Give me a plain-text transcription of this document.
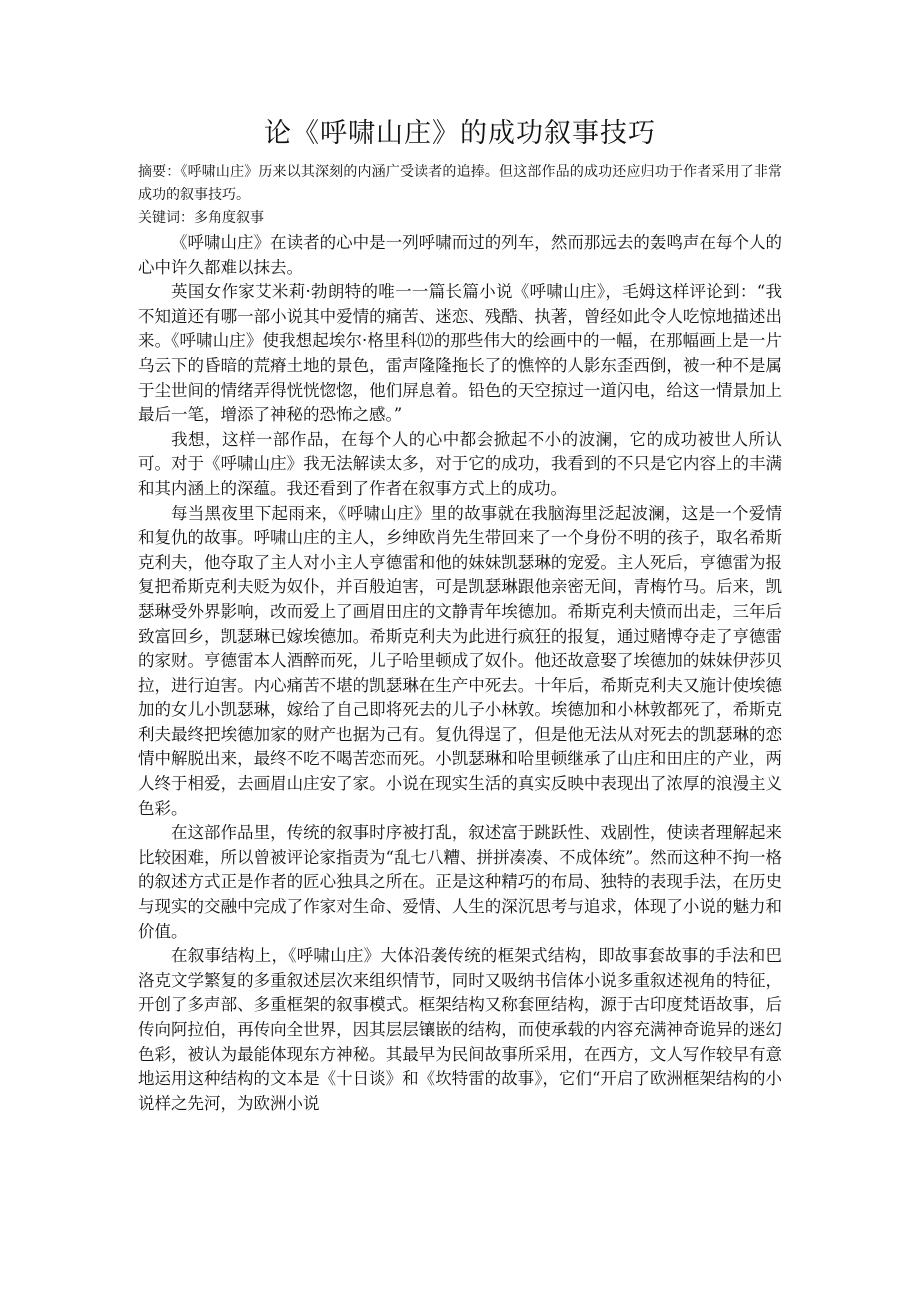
论《呼啸山庄》的成功叙事技巧

摘要：《呼啸山庄》历来以其深刻的内涵广受读者的追捧。但这部作品的成功还应归功于作者采用了非常成功的叙事技巧。

关键词：多角度叙事

《呼啸山庄》在读者的心中是一列呼啸而过的列车，然而那远去的轰鸣声在每个人的心中许久都难以抹去。

英国女作家艾米莉·勃朗特的唯一一篇长篇小说《呼啸山庄》，毛姆这样评论到：“我不知道还有哪一部小说其中爱情的痛苦、迷恋、残酷、执著，曾经如此令人吃惊地描述出来。《呼啸山庄》使我想起埃尔·格里科⑿的那些伟大的绘画中的一幅，在那幅画上是一片乌云下的昏暗的荒瘠土地的景色，雷声隆隆拖长了的憔悴的人影东歪西倒，被一种不是属于尘世间的情绪弄得恍恍惚惚，他们屏息着。铅色的天空掠过一道闪电，给这一情景加上最后一笔，增添了神秘的恐怖之感。”

我想，这样一部作品，在每个人的心中都会掀起不小的波澜，它的成功被世人所认可。对于《呼啸山庄》我无法解读太多，对于它的成功，我看到的不只是它内容上的丰满和其内涵上的深蕴。我还看到了作者在叙事方式上的成功。

每当黑夜里下起雨来，《呼啸山庄》里的故事就在我脑海里泛起波澜，这是一个爱情和复仇的故事。呼啸山庄的主人，乡绅欧肖先生带回来了一个身份不明的孩子，取名希斯克利夫，他夺取了主人对小主人亨德雷和他的妹妹凯瑟琳的宠爱。主人死后，亨德雷为报复把希斯克利夫贬为奴仆，并百般迫害，可是凯瑟琳跟他亲密无间，青梅竹马。后来，凯瑟琳受外界影响，改而爱上了画眉田庄的文静青年埃德加。希斯克利夫愤而出走，三年后致富回乡，凯瑟琳已嫁埃德加。希斯克利夫为此进行疯狂的报复，通过赌博夺走了亨德雷的家财。亨德雷本人酒醉而死，儿子哈里顿成了奴仆。他还故意娶了埃德加的妹妹伊莎贝拉，进行迫害。内心痛苦不堪的凯瑟琳在生产中死去。十年后，希斯克利夫又施计使埃德加的女儿小凯瑟琳，嫁给了自己即将死去的儿子小林敦。埃德加和小林敦都死了，希斯克利夫最终把埃德加家的财产也据为己有。复仇得逞了，但是他无法从对死去的凯瑟琳的恋情中解脱出来，最终不吃不喝苦恋而死。小凯瑟琳和哈里顿继承了山庄和田庄的产业，两人终于相爱，去画眉山庄安了家。小说在现实生活的真实反映中表现出了浓厚的浪漫主义色彩。

在这部作品里，传统的叙事时序被打乱，叙述富于跳跃性、戏剧性，使读者理解起来比较困难，所以曾被评论家指责为“乱七八糟、拼拼凑凑、不成体统”。然而这种不拘一格的叙述方式正是作者的匠心独具之所在。正是这种精巧的布局、独特的表现手法，在历史与现实的交融中完成了作家对生命、爱情、人生的深沉思考与追求，体现了小说的魅力和价值。

在叙事结构上，《呼啸山庄》大体沿袭传统的框架式结构，即故事套故事的手法和巴洛克文学繁复的多重叙述层次来组织情节，同时又吸纳书信体小说多重叙述视角的特征，开创了多声部、多重框架的叙事模式。框架结构又称套匣结构，源于古印度梵语故事，后传向阿拉伯，再传向全世界，因其层层镶嵌的结构，而使承载的内容充满神奇诡异的迷幻色彩，被认为最能体现东方神秘。其最早为民间故事所采用，在西方，文人写作较早有意地运用这种结构的文本是《十日谈》和《坎特雷的故事》，它们“开启了欧洲框架结构的小说样之先河，为欧洲小说
